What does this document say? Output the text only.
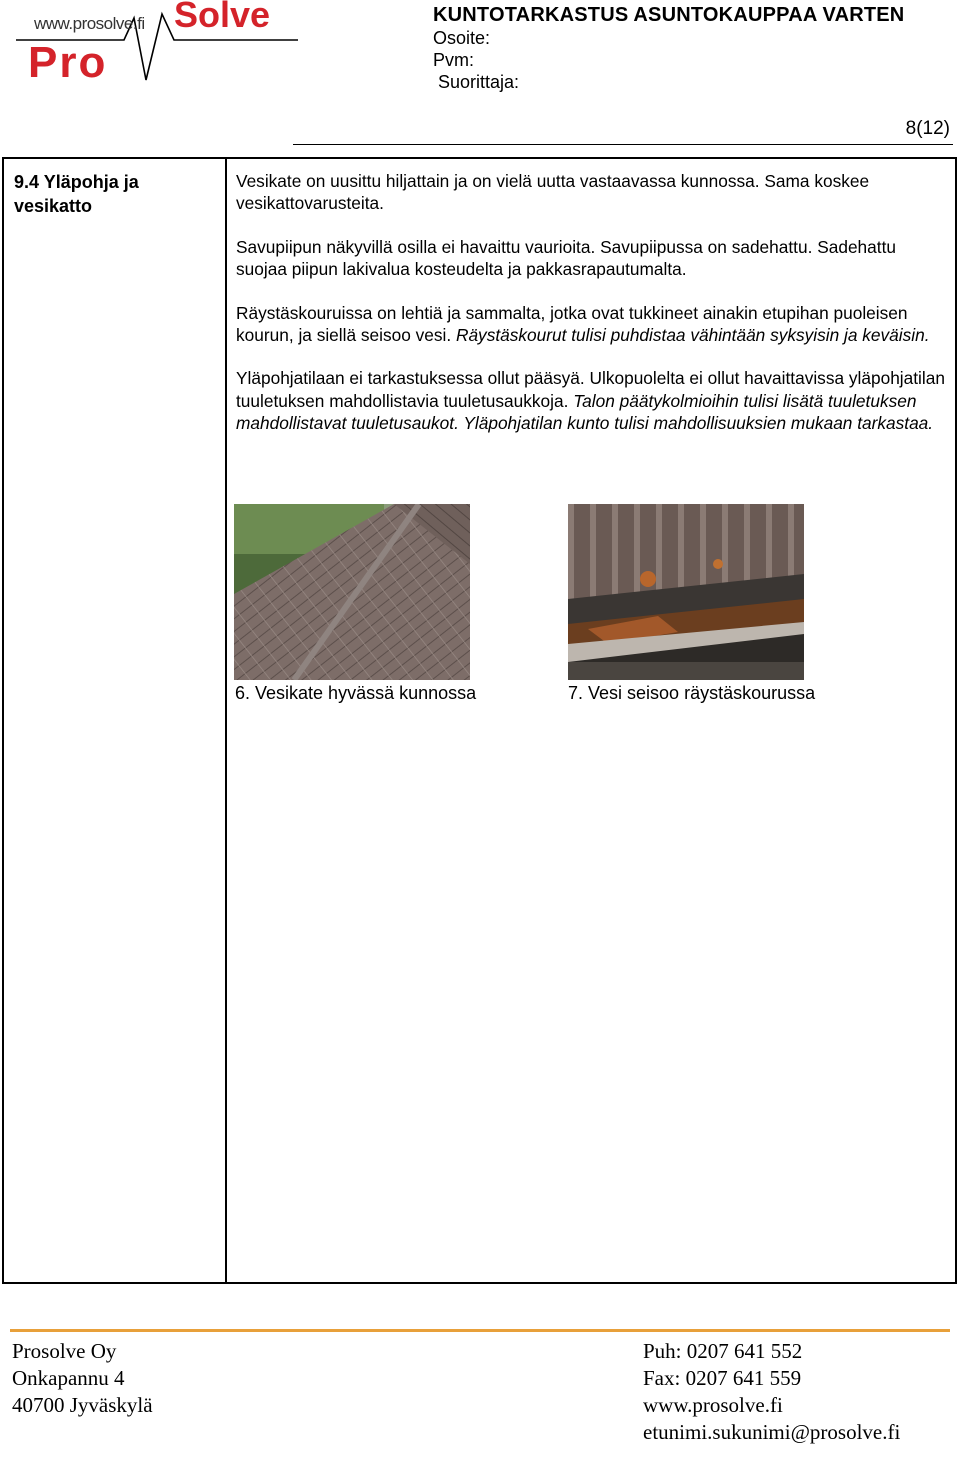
www.prosolve.fi Solve
Pro
KUNTOTARKASTUS ASUNTOKAUPPAA VARTEN
Osoite:
Pvm:
Suorittaja:
8(12)
9.4 Yläpohja ja vesikatto

Vesikate on uusittu hiljattain ja on vielä uutta vastaavassa kunnossa. Sama koskee vesikattovarusteita.

Savupiipun näkyvillä osilla ei havaittu vaurioita. Savupiipussa on sadehattu. Sadehattu suojaa piipun lakivalua kosteudelta ja pakkasrapautumalta.

Räystäskouruissa on lehtiä ja sammalta, jotka ovat tukkineet ainakin etupihan puoleisen kourun, ja siellä seisoo vesi. Räystäskourut tulisi puhdistaa vähintään syksyisin ja keväisin.

Yläpohjatilaan ei tarkastuksessa ollut pääsyä. Ulkopuolelta ei ollut havaittavissa yläpohjatilan tuuletuksen mahdollistavia tuuletusaukkoja. Talon päätykolmioihin tulisi lisätä tuuletuksen mahdollistavat tuuletusaukot. Yläpohjatilan kunto tulisi mahdollisuuksien mukaan tarkastaa.

6. Vesikate hyvässä kunnossa	7. Vesi seisoo räystäskourussa
Prosolve Oy
Onkapannu 4
40700 Jyväskylä
Puh: 0207 641 552
Fax: 0207 641 559
www.prosolve.fi
etunimi.sukunimi@prosolve.fi
